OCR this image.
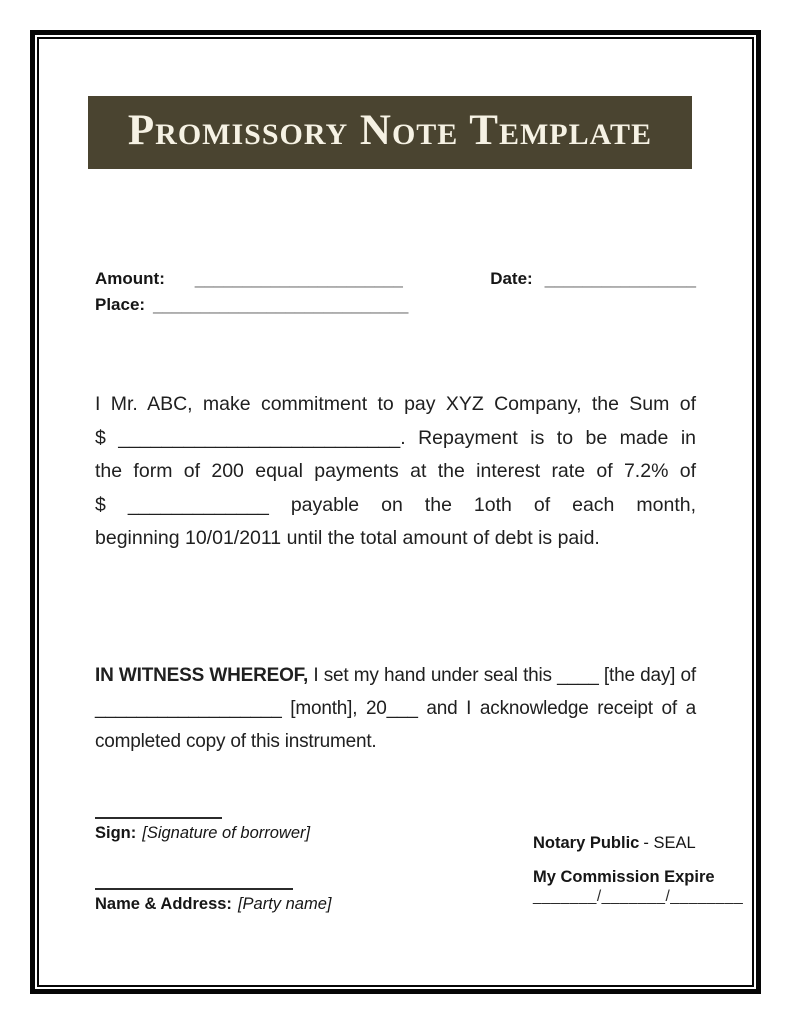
Promissory Note Template
Amount: ______________________	Date: ________________
Place: ___________________________
I Mr. ABC, make commitment to pay XYZ Company, the Sum of
$ __________________________. Repayment is to be made in
the form of 200 equal payments at the interest rate of 7.2% of
$ _____________ payable on the 1oth of each month,
beginning 10/01/2011 until the total amount of debt is paid.
IN WITNESS WHEREOF, I set my hand under seal this ____ [the day] of
__________________ [month], 20___ and I acknowledge receipt of a
completed copy of this instrument.
Sign: [Signature of borrower]
Name & Address: [Party name]
Notary Public - SEAL
My Commission Expire
_______/_______/________
